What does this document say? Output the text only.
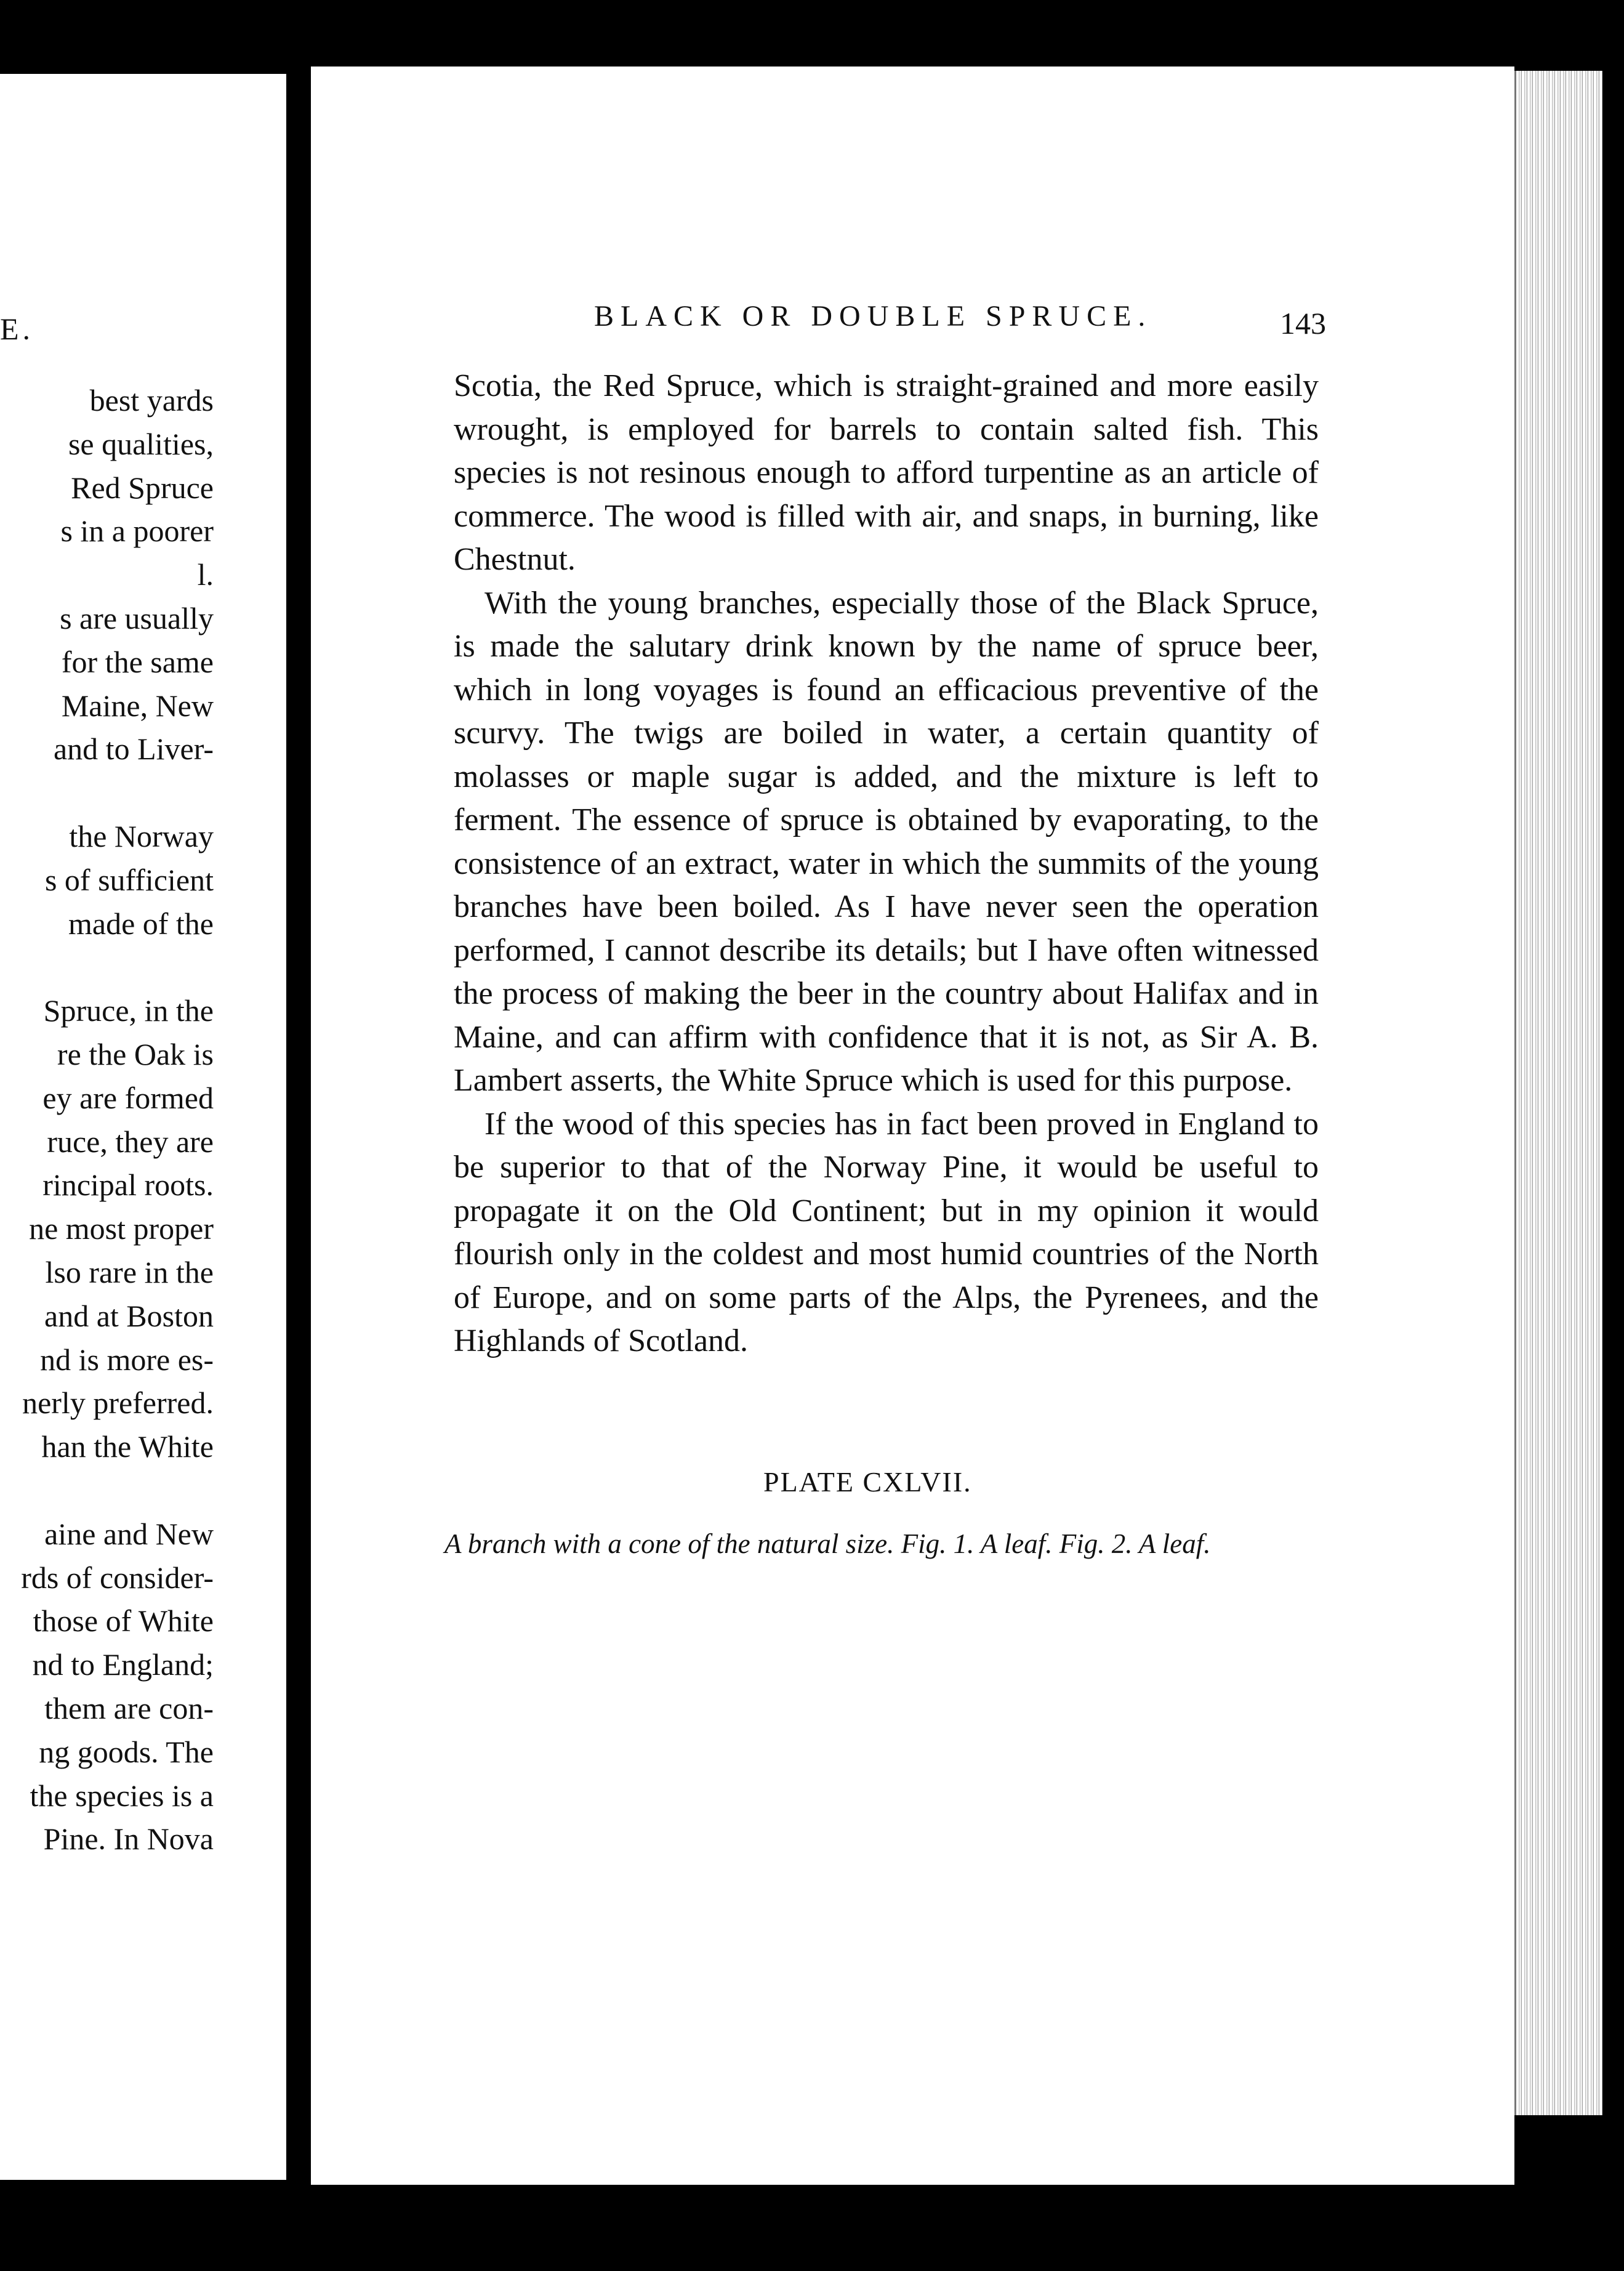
E.
best yards
se qualities,
Red Spruce
s in a poorer
l.
s are usually
for the same
Maine, New
and to Liver-
the Norway
s of sufficient
made of the
Spruce, in the
re the Oak is
ey are formed
ruce, they are
rincipal roots.
ne most proper
lso rare in the
and at Boston
nd is more es-
nerly preferred.
han the White
aine and New
rds of consider-
those of White
nd to England;
them are con-
ng goods. The
the species is a
Pine. In Nova
BLACK OR DOUBLE SPRUCE.	143

Scotia, the Red Spruce, which is straight-grained and more easily wrought, is employed for barrels to contain salted fish. This species is not resinous enough to afford turpentine as an article of commerce. The wood is filled with air, and snaps, in burning, like Chestnut.

With the young branches, especially those of the Black Spruce, is made the salutary drink known by the name of spruce beer, which in long voyages is found an efficacious preventive of the scurvy. The twigs are boiled in water, a certain quantity of molasses or maple sugar is added, and the mixture is left to ferment. The essence of spruce is obtained by evaporating, to the consistence of an extract, water in which the summits of the young branches have been boiled. As I have never seen the operation performed, I cannot describe its details; but I have often witnessed the process of making the beer in the country about Halifax and in Maine, and can affirm with confidence that it is not, as Sir A. B. Lambert asserts, the White Spruce which is used for this purpose.

If the wood of this species has in fact been proved in England to be superior to that of the Norway Pine, it would be useful to propagate it on the Old Continent; but in my opinion it would flourish only in the coldest and most humid countries of the North of Europe, and on some parts of the Alps, the Pyrenees, and the Highlands of Scotland.

PLATE CXLVII.
A branch with a cone of the natural size. Fig. 1. A leaf. Fig. 2. A leaf.
